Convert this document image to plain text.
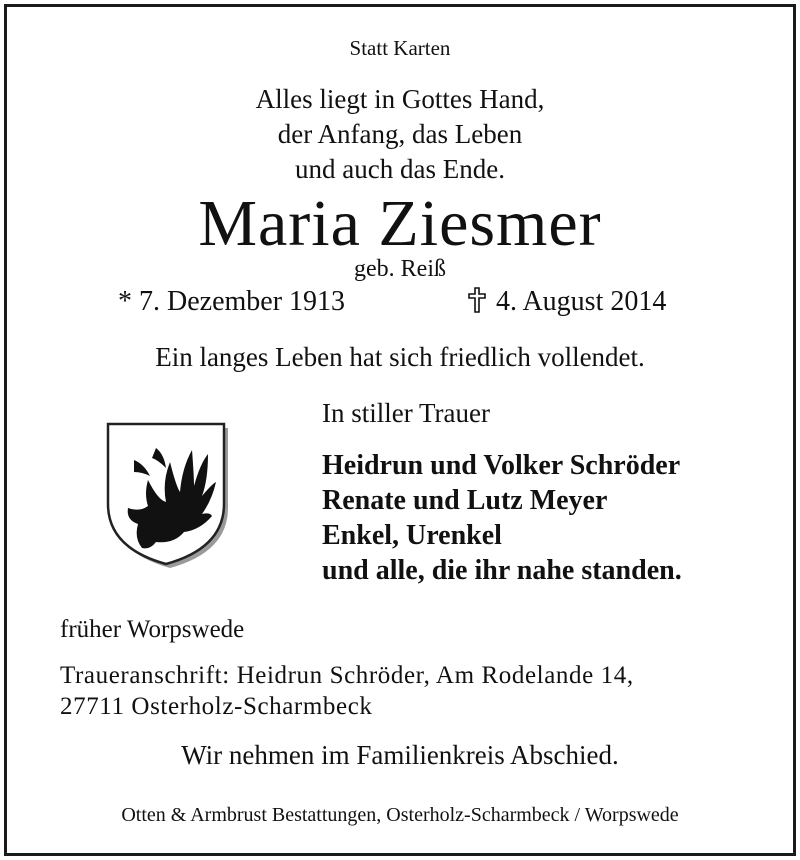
Statt Karten
Alles liegt in Gottes Hand,
der Anfang, das Leben
und auch das Ende.
Maria Ziesmer
geb. Reiß
* 7. Dezember 1913	4. August 2014
Ein langes Leben hat sich friedlich vollendet.
In stiller Trauer
Heidrun und Volker Schröder
Renate und Lutz Meyer
Enkel, Urenkel
und alle, die ihr nahe standen.
früher Worpswede
Traueranschrift: Heidrun Schröder, Am Rodelande 14,
27711 Osterholz-Scharmbeck
Wir nehmen im Familienkreis Abschied.
Otten & Armbrust Bestattungen, Osterholz-Scharmbeck / Worpswede
